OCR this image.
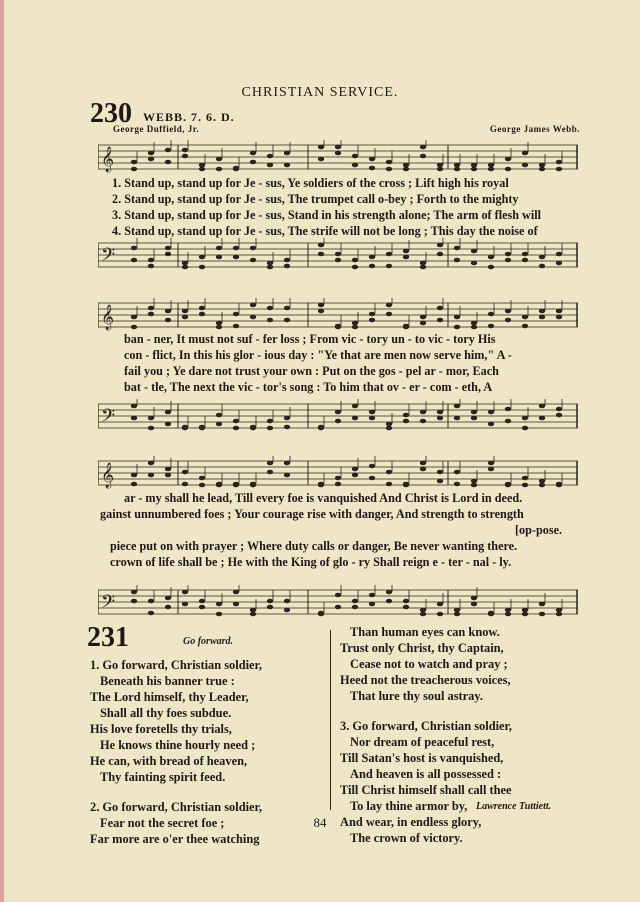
CHRISTIAN SERVICE.
230 WEBB. 7. 6. D.
George Duffield, Jr.	George James Webb.
𝄞
𝄢
1. Stand up, stand up for Je - sus, Ye soldiers of the cross ; Lift high his royal
2. Stand up, stand up for Je - sus, The trumpet call o-bey ; Forth to the mighty
3. Stand up, stand up for Je - sus, Stand in his strength alone; The arm of flesh will
4. Stand up, stand up for Je - sus, The strife will not be long ; This day the noise of
𝄞
𝄢
ban - ner, It must not suf - fer loss ; From vic - tory un - to vic - tory His
con - flict, In this his glor - ious day : "Ye that are men now serve him," A -
fail you ; Ye dare not trust your own : Put on the gos - pel ar - mor, Each
bat - tle, The next the vic - tor's song : To him that ov - er - com - eth, A
𝄞
𝄢
ar - my shall he lead, Till every foe is vanquished And Christ is Lord in deed.
gainst unnumbered foes ; Your courage rise with danger, And strength to strength
[op-pose.
piece put on with prayer ; Where duty calls or danger, Be never wanting there.
crown of life shall be ; He with the King of glo - ry Shall reign e - ter - nal - ly.
231	Go forward.
1. Go forward, Christian soldier,
Beneath his banner true :
The Lord himself, thy Leader,
Shall all thy foes subdue.
His love foretells thy trials,
He knows thine hourly need ;
He can, with bread of heaven,
Thy fainting spirit feed.
2. Go forward, Christian soldier,
Fear not the secret foe ;
Far more are o'er thee watching
Than human eyes can know.
Trust only Christ, thy Captain,
Cease not to watch and pray ;
Heed not the treacherous voices,
That lure thy soul astray.
3. Go forward, Christian soldier,
Nor dream of peaceful rest,
Till Satan's host is vanquished,
And heaven is all possessed :
Till Christ himself shall call thee
To lay thine armor by,
And wear, in endless glory,
The crown of victory.
Lawrence Tuttiett.
84
